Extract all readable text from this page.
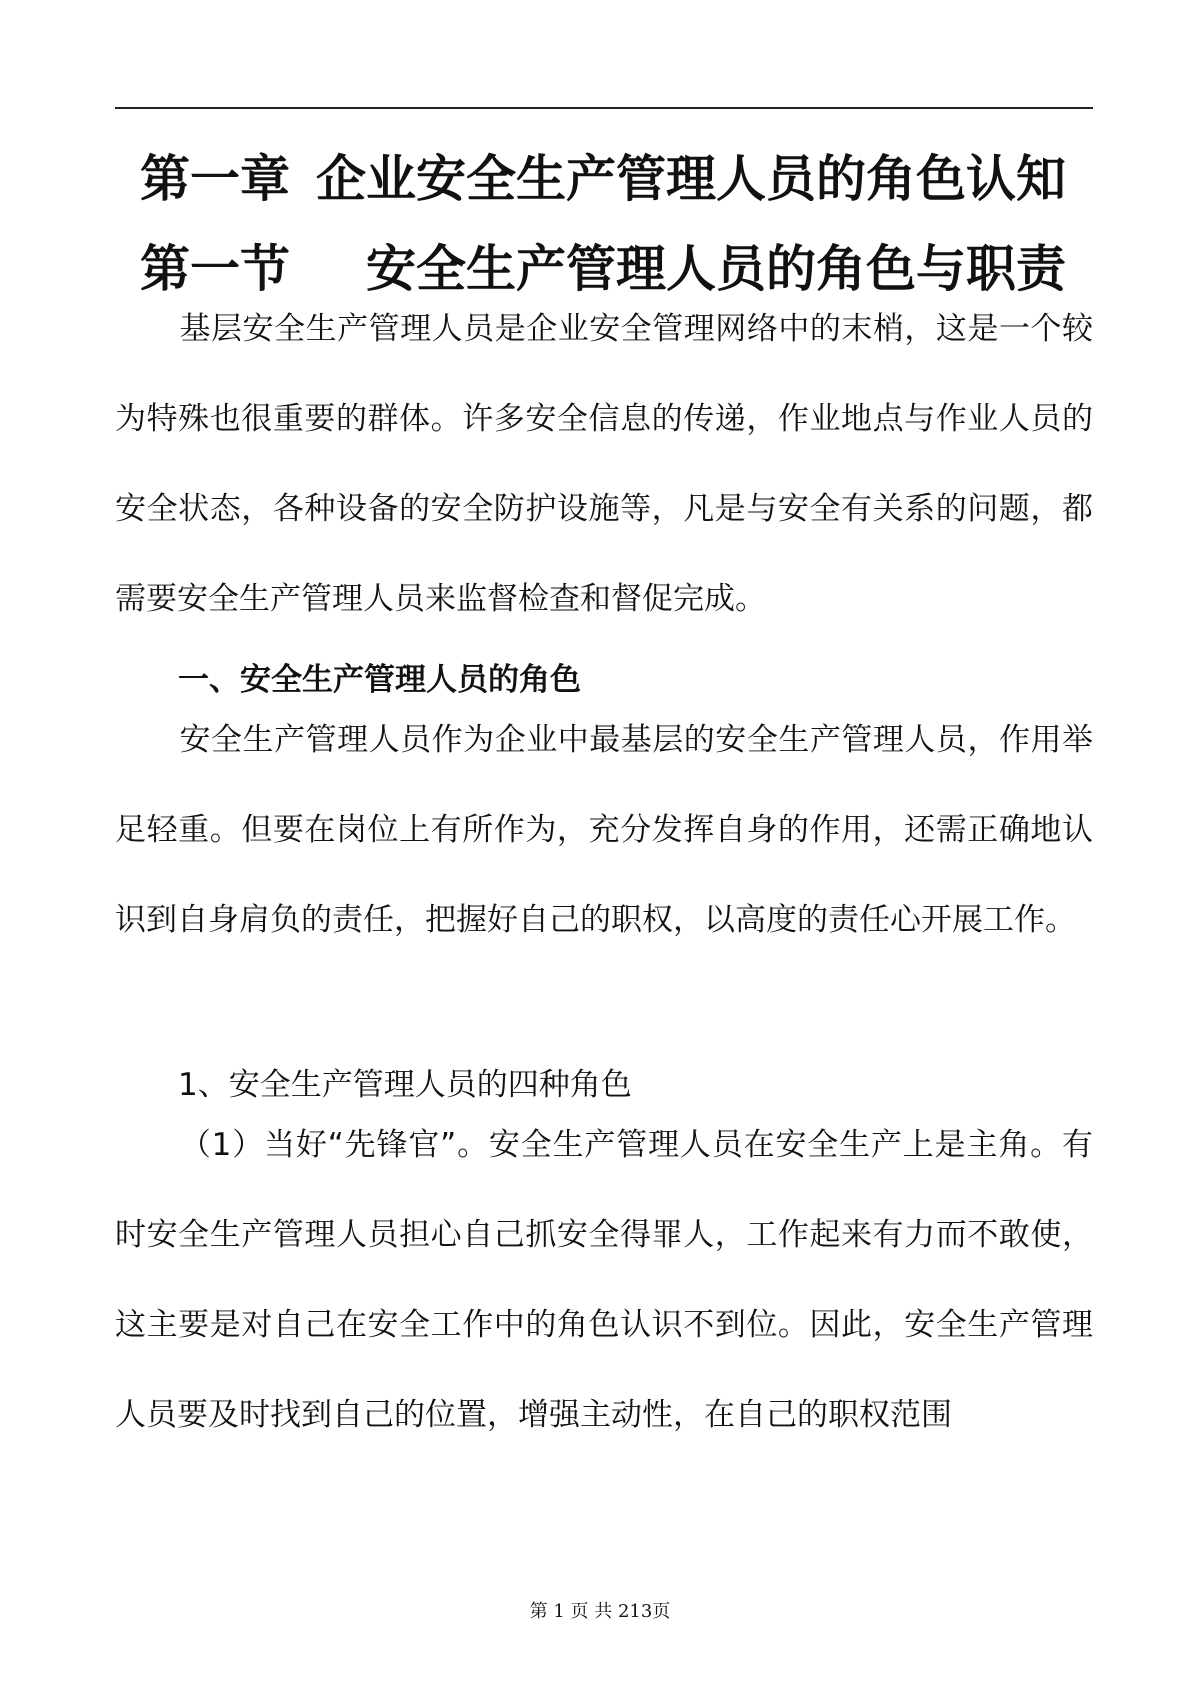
第一章 企业安全生产管理人员的角色认知
第一节 安全生产管理人员的角色与职责

基层安全生产管理人员是企业安全管理网络中的末梢，这是一个较为特殊也很重要的群体。许多安全信息的传递，作业地点与作业人员的安全状态，各种设备的安全防护设施等，凡是与安全有关系的问题，都需要安全生产管理人员来监督检查和督促完成。

一、安全生产管理人员的角色

安全生产管理人员作为企业中最基层的安全生产管理人员，作用举足轻重。但要在岗位上有所作为，充分发挥自身的作用，还需正确地认识到自身肩负的责任，把握好自己的职权，以高度的责任心开展工作。

1、安全生产管理人员的四种角色

（1）当好“先锋官”。安全生产管理人员在安全生产上是主角。有时安全生产管理人员担心自己抓安全得罪人，工作起来有力而不敢使，这主要是对自己在安全工作中的角色认识不到位。因此，安全生产管理人员要及时找到自己的位置，增强主动性，在自己的职权范围

第 1 页 共 213页
